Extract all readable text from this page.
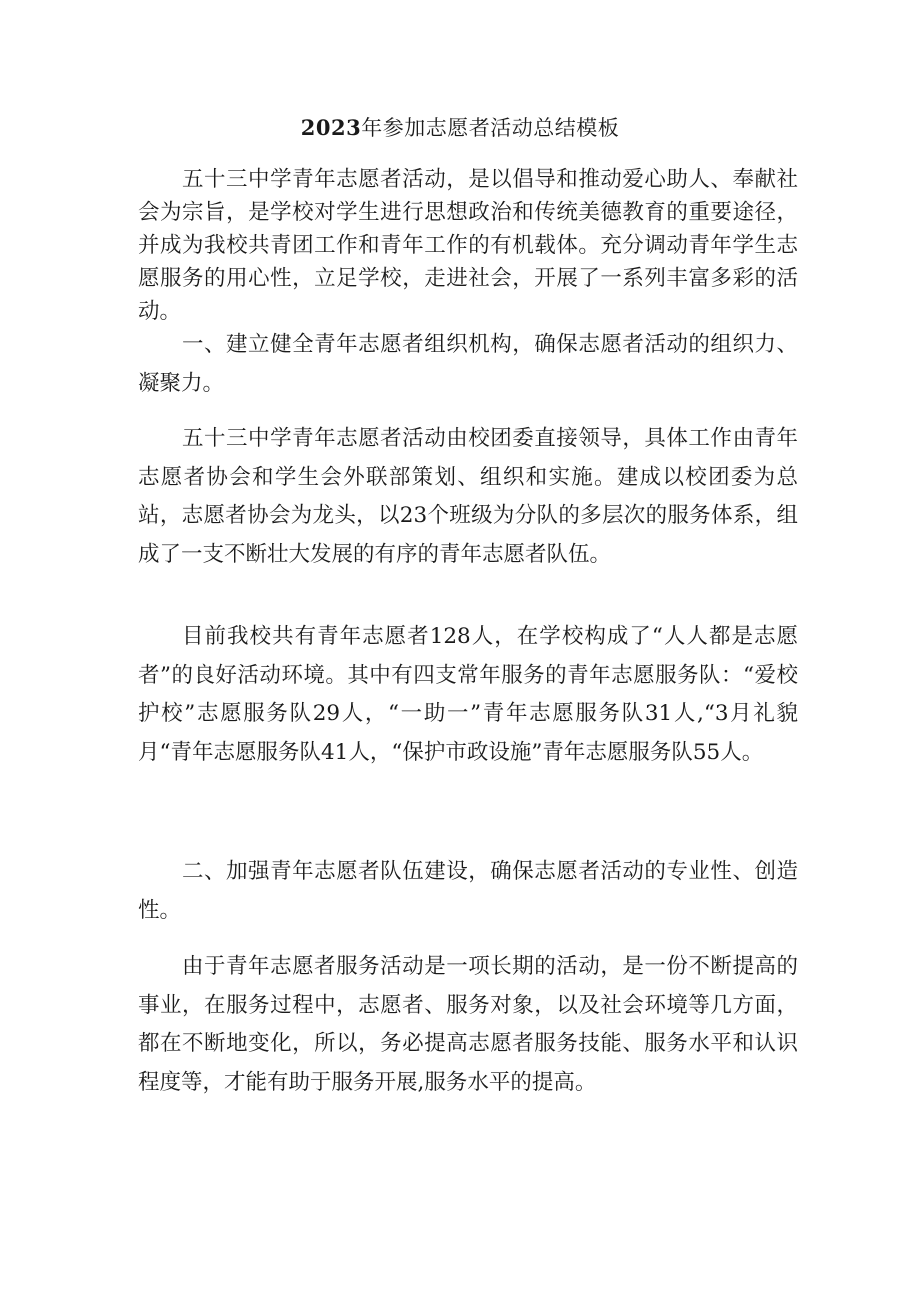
2023年参加志愿者活动总结模板

五十三中学青年志愿者活动，是以倡导和推动爱心助人、奉献社会为宗旨，是学校对学生进行思想政治和传统美德教育的重要途径，并成为我校共青团工作和青年工作的有机载体。充分调动青年学生志愿服务的用心性，立足学校，走进社会，开展了一系列丰富多彩的活动。

一、建立健全青年志愿者组织机构，确保志愿者活动的组织力、凝聚力。

五十三中学青年志愿者活动由校团委直接领导，具体工作由青年志愿者协会和学生会外联部策划、组织和实施。建成以校团委为总站，志愿者协会为龙头，以23个班级为分队的多层次的服务体系，组成了一支不断壮大发展的有序的青年志愿者队伍。

目前我校共有青年志愿者128人，在学校构成了“人人都是志愿者”的良好活动环境。其中有四支常年服务的青年志愿服务队：“爱校护校”志愿服务队29人，“一助一”青年志愿服务队31人,“3月礼貌月“青年志愿服务队41人，“保护市政设施”青年志愿服务队55人。

二、加强青年志愿者队伍建设，确保志愿者活动的专业性、创造性。

由于青年志愿者服务活动是一项长期的活动，是一份不断提高的事业，在服务过程中，志愿者、服务对象，以及社会环境等几方面，都在不断地变化，所以，务必提高志愿者服务技能、服务水平和认识程度等，才能有助于服务开展,服务水平的提高。
